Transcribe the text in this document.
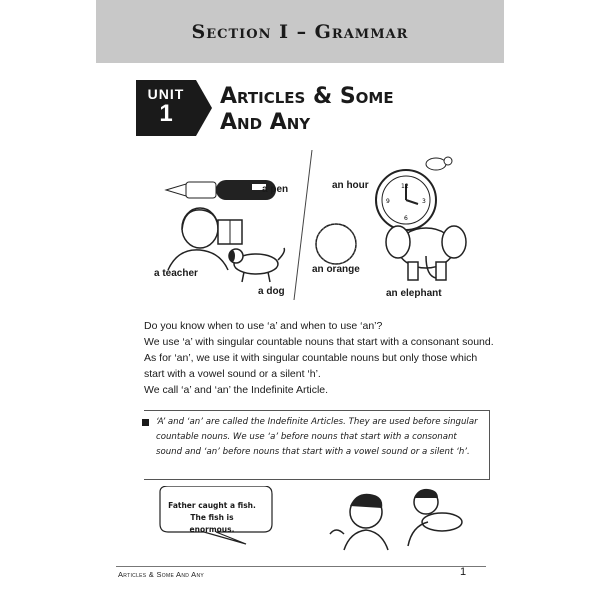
Section I – Grammar
UNIT
1
Articles & Some
And Any
12
3
6
9
a pen
a teacher
a dog
an hour
an orange
an elephant

Do you know when to use ‘a’ and when to use ‘an’?

We use ‘a’ with singular countable nouns that start with a consonant sound.

As for ‘an’, we use it with singular countable nouns but only those which start with a vowel sound or a silent ‘h’.

We call ‘a’ and ‘an’ the Indefinite Article.

‘A’ and ‘an’ are called the Indefinite Articles. They are used before singular countable nouns. We use ‘a’ before nouns that start with a consonant sound and ‘an’ before nouns that start with a vowel sound or a silent ‘h’.
Father caught a fish. The fish is enormous.
Articles & Some And Any	1
